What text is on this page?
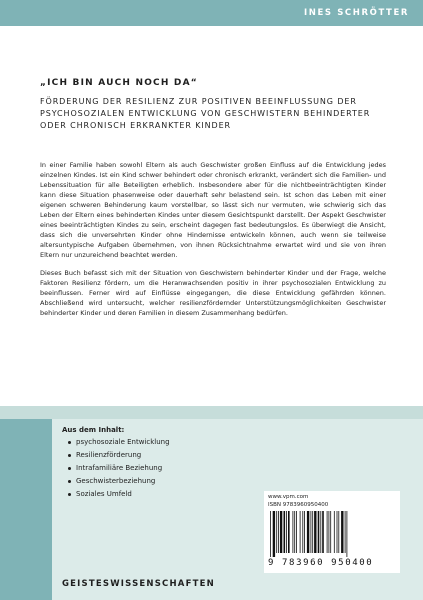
INES SCHRÖTTER

„ICH BIN AUCH NOCH DA“

FÖRDERUNG DER RESILIENZ ZUR POSITIVEN BEEINFLUSSUNG DER PSYCHOSOZIALEN ENTWICKLUNG VON GESCHWISTERN BEHINDERTER ODER CHRONISCH ERKRANKTER KINDER

In einer Familie haben sowohl Eltern als auch Geschwister großen Einfluss auf die Entwicklung jedes einzelnen Kindes. Ist ein Kind schwer behindert oder chronisch erkrankt, verändert sich die Familien- und Lebenssituation für alle Beteiligten erheblich. Insbesondere aber für die nichtbeeinträchtigten Kinder kann diese Situation phasenweise oder dauerhaft sehr belastend sein. Ist schon das Leben mit einer eigenen schweren Behinderung kaum vorstellbar, so lässt sich nur vermuten, wie schwierig sich das Leben der Eltern eines behinderten Kindes unter diesem Gesichtspunkt darstellt. Der Aspekt Geschwister eines beeinträchtigten Kindes zu sein, erscheint dagegen fast bedeutungslos. Es überwiegt die Ansicht, dass sich die unversehrten Kinder ohne Hindernisse entwickeln können, auch wenn sie teilweise altersuntypische Aufgaben übernehmen, von ihnen Rücksichtnahme erwartet wird und sie von ihren Eltern nur unzureichend beachtet werden.

Dieses Buch befasst sich mit der Situation von Geschwistern behinderter Kinder und der Frage, welche Faktoren Resilienz fördern, um die Heranwachsenden positiv in ihrer psychosozialen Entwicklung zu beeinflussen. Ferner wird auf Einflüsse eingegangen, die diese Entwicklung gefährden können. Abschließend wird untersucht, welcher resilienzfördernder Unterstützungsmöglichkeiten Geschwister behinderter Kinder und deren Familien in diesem Zusammenhang bedürfen.

Aus dem Inhalt:

psychosoziale Entwicklung
Resilienzförderung
Intrafamiliäre Beziehung
Geschwisterbeziehung
Soziales Umfeld	www.vpm.com
ISBN 9783960950400
9 783960 950400
GEISTESWISSENSCHAFTEN
